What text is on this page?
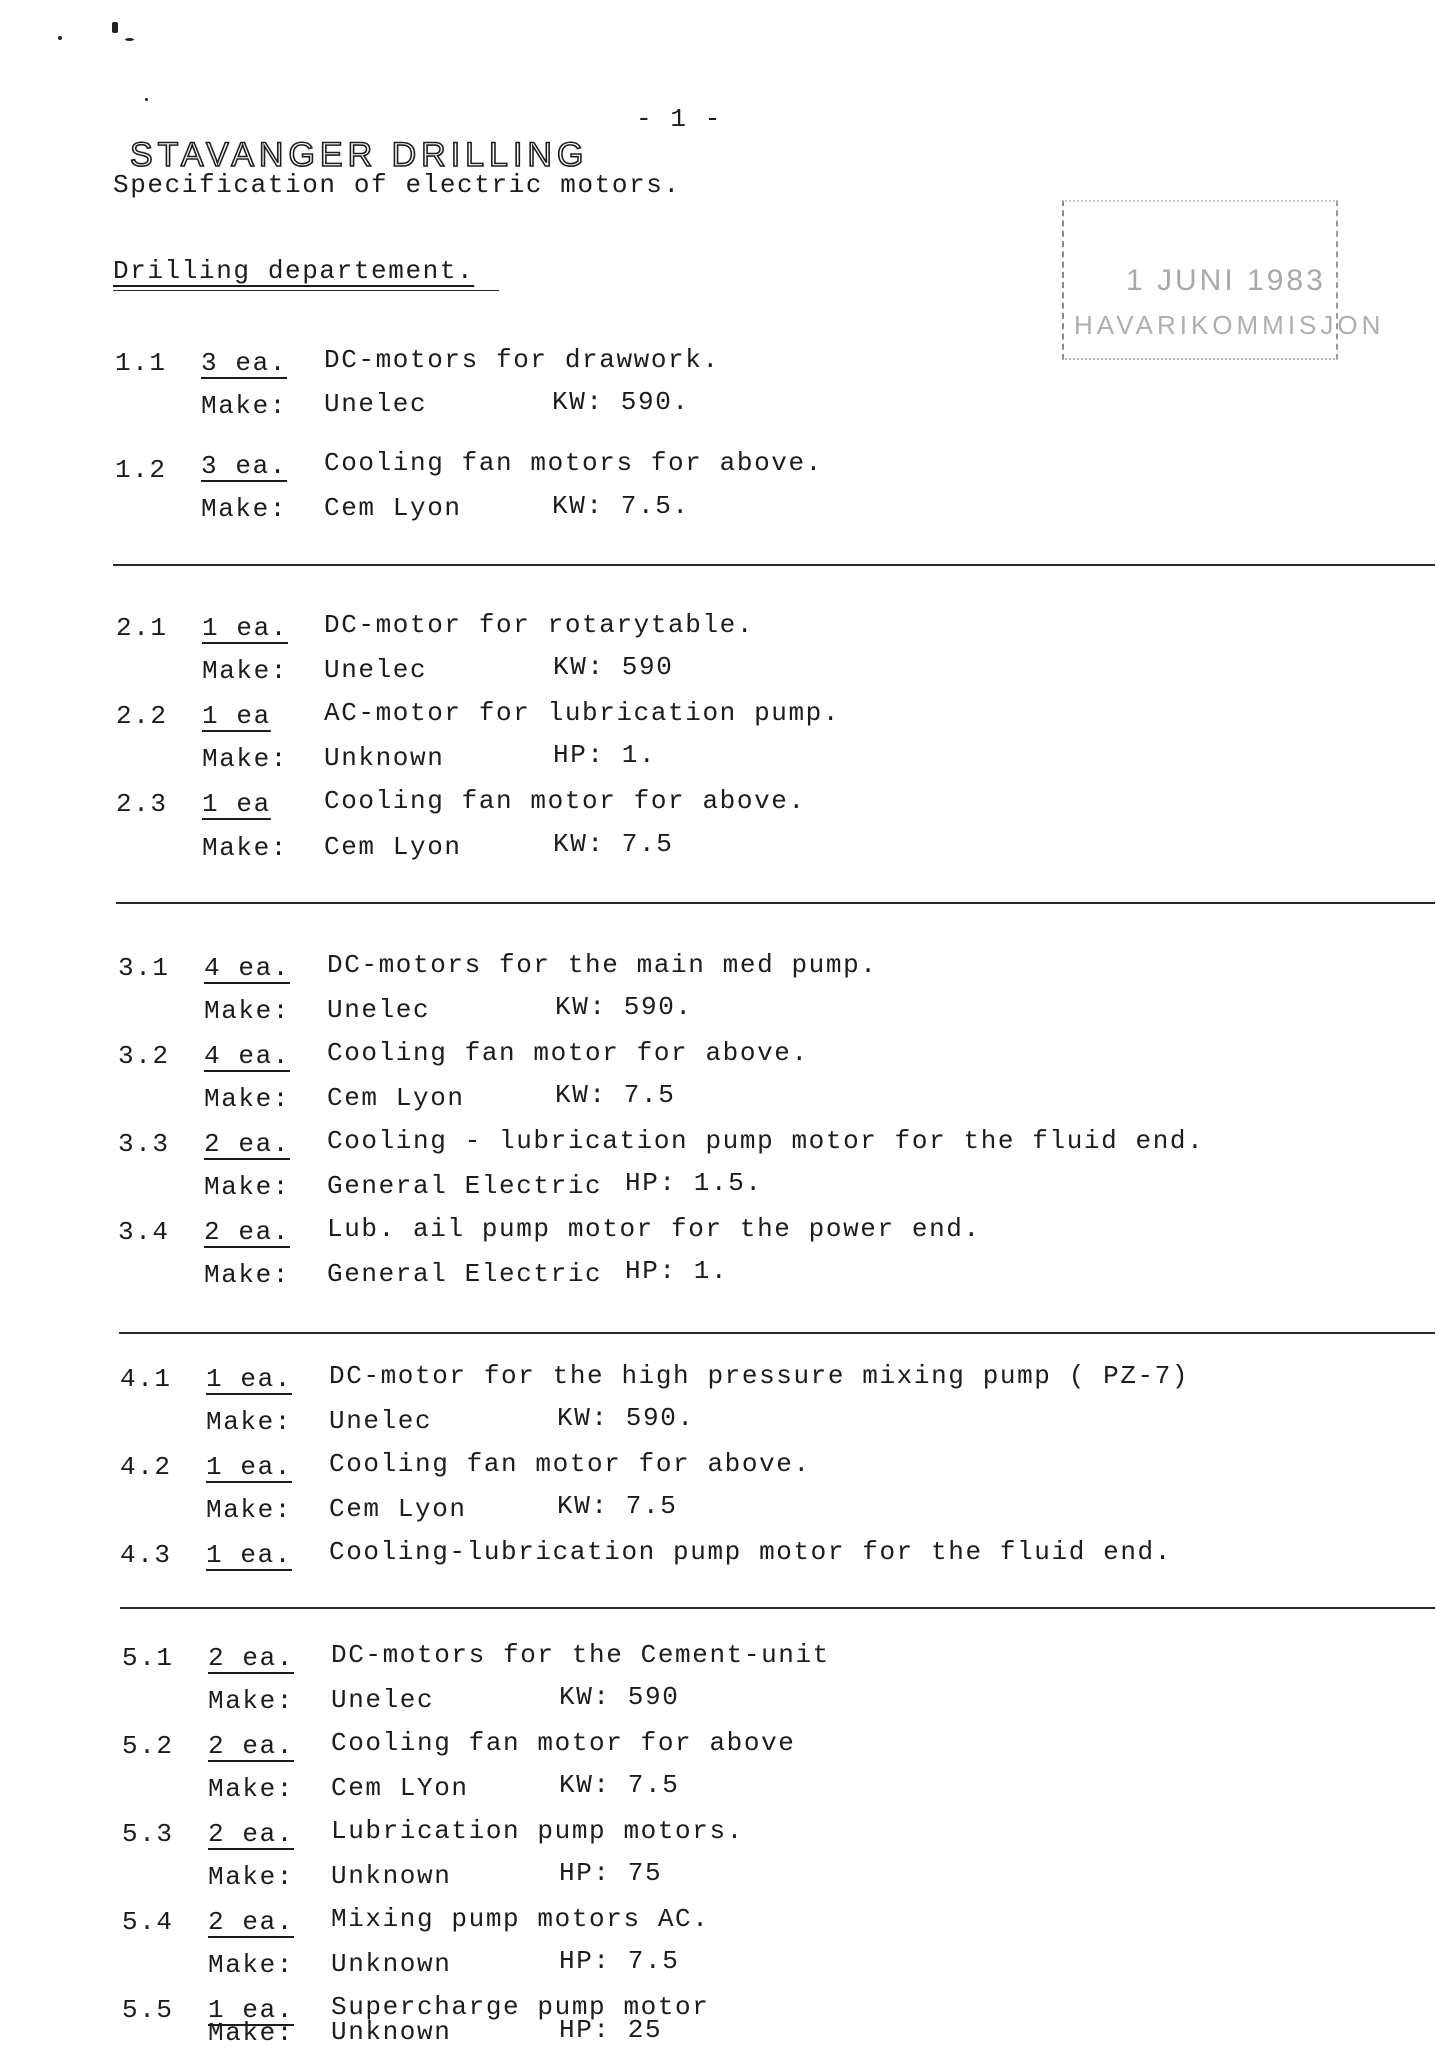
- 1 -
STAVANGER DRILLING
Specification of electric motors.
Drilling departement.	1 JUNI 1983
HAVARIKOMMISJON
1.1 3 ea. DC-motors for drawwork.
Make: Unelec	KW: 590.
1.2 3 ea. Cooling fan motors for above.
Make: Cem Lyon	KW: 7.5.
2.1 1 ea. DC-motor for rotarytable.
Make: Unelec	KW: 590
2.2 1 ea AC-motor for lubrication pump.
Make: Unknown	HP: 1.
2.3 1 ea Cooling fan motor for above.
Make: Cem Lyon	KW: 7.5
3.1 4 ea. DC-motors for the main med pump.
Make: Unelec	KW: 590.
3.2 4 ea. Cooling fan motor for above.
Make: Cem Lyon	KW: 7.5
3.3 2 ea. Cooling - lubrication pump motor for the fluid end.
Make: General Electric HP: 1.5.
3.4 2 ea. Lub. ail pump motor for the power end.
Make: General Electric HP: 1.
4.1 1 ea. DC-motor for the high pressure mixing pump ( PZ-7)
Make: Unelec	KW: 590.
4.2 1 ea. Cooling fan motor for above.
Make: Cem Lyon	KW: 7.5
4.3 1 ea. Cooling-lubrication pump motor for the fluid end.
5.1 2 ea. DC-motors for the Cement-unit
Make: Unelec	KW: 590
5.2 2 ea. Cooling fan motor for above
Make: Cem LYon	KW: 7.5
5.3 2 ea. Lubrication pump motors.
Make: Unknown	HP: 75
5.4 2 ea. Mixing pump motors AC.
Make: Unknown	HP: 7.5
5.5 1 ea. Supercharge pump motor
Make: Unknown	HP: 25
